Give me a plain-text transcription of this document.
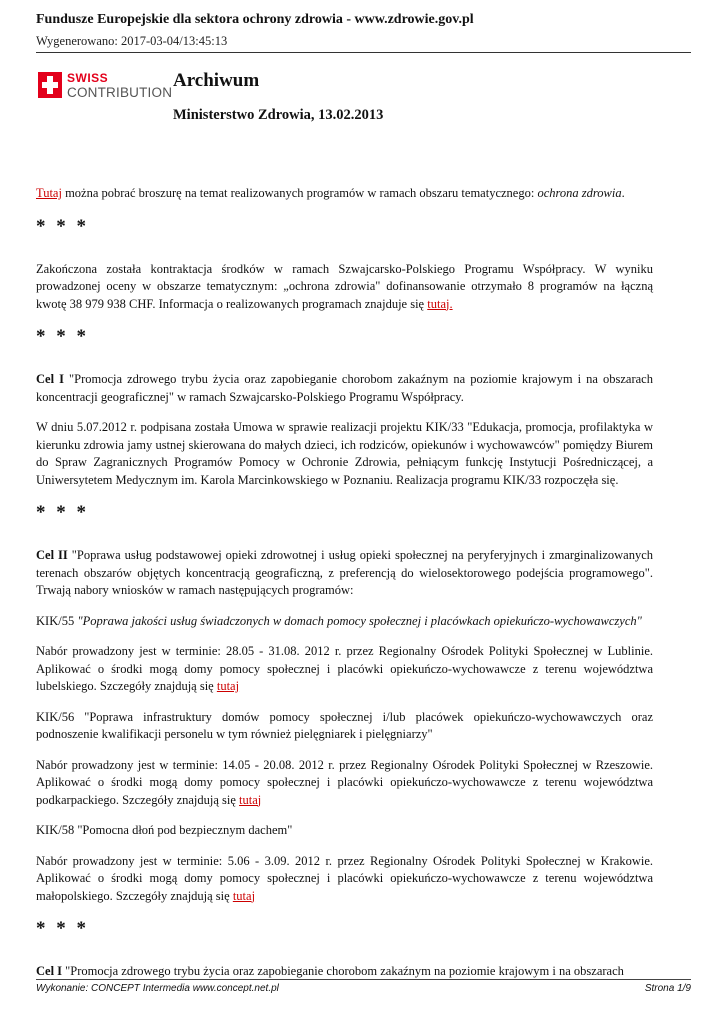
Fundusze Europejskie dla sektora ochrony zdrowia - www.zdrowie.gov.pl
Wygenerowano: 2017-03-04/13:45:13
SWISS
CONTRIBUTION
Archiwum
Ministerstwo Zdrowia, 13.02.2013

Tutaj można pobrać broszurę na temat realizowanych programów w ramach obszaru tematycznego: ochrona zdrowia.

* * *

Zakończona została kontraktacja środków w ramach Szwajcarsko-Polskiego Programu Współpracy. W wyniku prowadzonej oceny w obszarze tematycznym: „ochrona zdrowia" dofinansowanie otrzymało 8 programów na łączną kwotę 38 979 938 CHF. Informacja o realizowanych programach znajduje się tutaj.

* * *

Cel I "Promocja zdrowego trybu życia oraz zapobieganie chorobom zakaźnym na poziomie krajowym i na obszarach koncentracji geograficznej" w ramach Szwajcarsko-Polskiego Programu Współpracy.

W dniu 5.07.2012 r. podpisana została Umowa w sprawie realizacji projektu KIK/33 "Edukacja, promocja, profilaktyka w kierunku zdrowia jamy ustnej skierowana do małych dzieci, ich rodziców, opiekunów i wychowawców" pomiędzy Biurem do Spraw Zagranicznych Programów Pomocy w Ochronie Zdrowia, pełniącym funkcję Instytucji Pośredniczącej, a Uniwersytetem Medycznym im. Karola Marcinkowskiego w Poznaniu. Realizacja programu KIK/33 rozpoczęła się.

* * *

Cel II "Poprawa usług podstawowej opieki zdrowotnej i usług opieki społecznej na peryferyjnych i zmarginalizowanych terenach obszarów objętych koncentracją geograficzną, z preferencją do wielosektorowego podejścia programowego". Trwają nabory wniosków w ramach następujących programów:

KIK/55 "Poprawa jakości usług świadczonych w domach pomocy społecznej i placówkach opiekuńczo-wychowawczych"

Nabór prowadzony jest w terminie: 28.05 - 31.08. 2012 r. przez Regionalny Ośrodek Polityki Społecznej w Lublinie. Aplikować o środki mogą domy pomocy społecznej i placówki opiekuńczo-wychowawcze z terenu województwa lubelskiego. Szczegóły znajdują się tutaj

KIK/56 "Poprawa infrastruktury domów pomocy społecznej i/lub placówek opiekuńczo-wychowawczych oraz podnoszenie kwalifikacji personelu w tym również pielęgniarek i pielęgniarzy"

Nabór prowadzony jest w terminie: 14.05 - 20.08. 2012 r. przez Regionalny Ośrodek Polityki Społecznej w Rzeszowie. Aplikować o środki mogą domy pomocy społecznej i placówki opiekuńczo-wychowawcze z terenu województwa podkarpackiego. Szczegóły znajdują się tutaj

KIK/58 "Pomocna dłoń pod bezpiecznym dachem"

Nabór prowadzony jest w terminie: 5.06 - 3.09. 2012 r. przez Regionalny Ośrodek Polityki Społecznej w Krakowie. Aplikować o środki mogą domy pomocy społecznej i placówki opiekuńczo-wychowawcze z terenu województwa małopolskiego. Szczegóły znajdują się tutaj

* * *

Cel I "Promocja zdrowego trybu życia oraz zapobieganie chorobom zakaźnym na poziomie krajowym i na obszarach

Wykonanie: CONCEPT Intermedia www.concept.net.pl	Strona 1/9
